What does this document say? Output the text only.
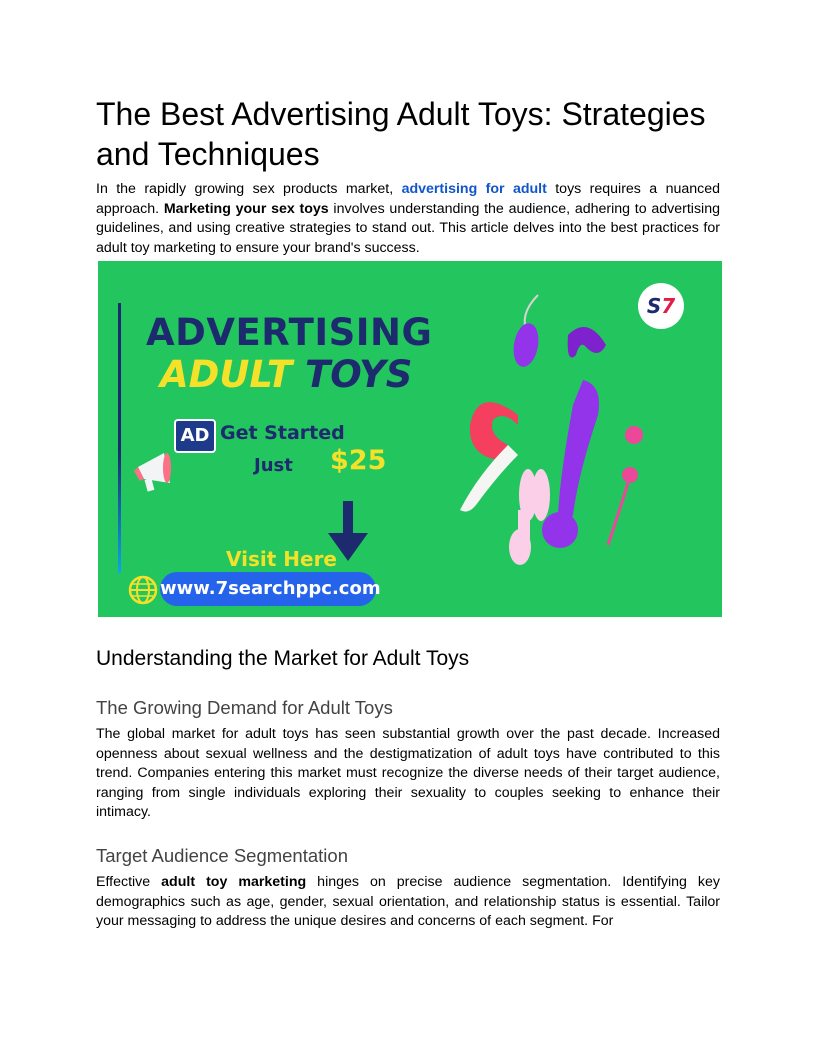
The Best Advertising Adult Toys: Strategies and Techniques

In the rapidly growing sex products market, advertising for adult toys requires a nuanced approach. Marketing your sex toys involves understanding the audience, adhering to advertising guidelines, and using creative strategies to stand out. This article delves into the best practices for adult toy marketing to ensure your brand's success.

ADVERTISING
ADULT TOYS
AD Get Started
Just $25
Visit Here
www.7searchppc.com
S7
Understanding the Market for Adult Toys
The Growing Demand for Adult Toys

The global market for adult toys has seen substantial growth over the past decade. Increased openness about sexual wellness and the destigmatization of adult toys have contributed to this trend. Companies entering this market must recognize the diverse needs of their target audience, ranging from single individuals exploring their sexuality to couples seeking to enhance their intimacy.

Target Audience Segmentation

Effective adult toy marketing hinges on precise audience segmentation. Identifying key demographics such as age, gender, sexual orientation, and relationship status is essential. Tailor your messaging to address the unique desires and concerns of each segment. For
